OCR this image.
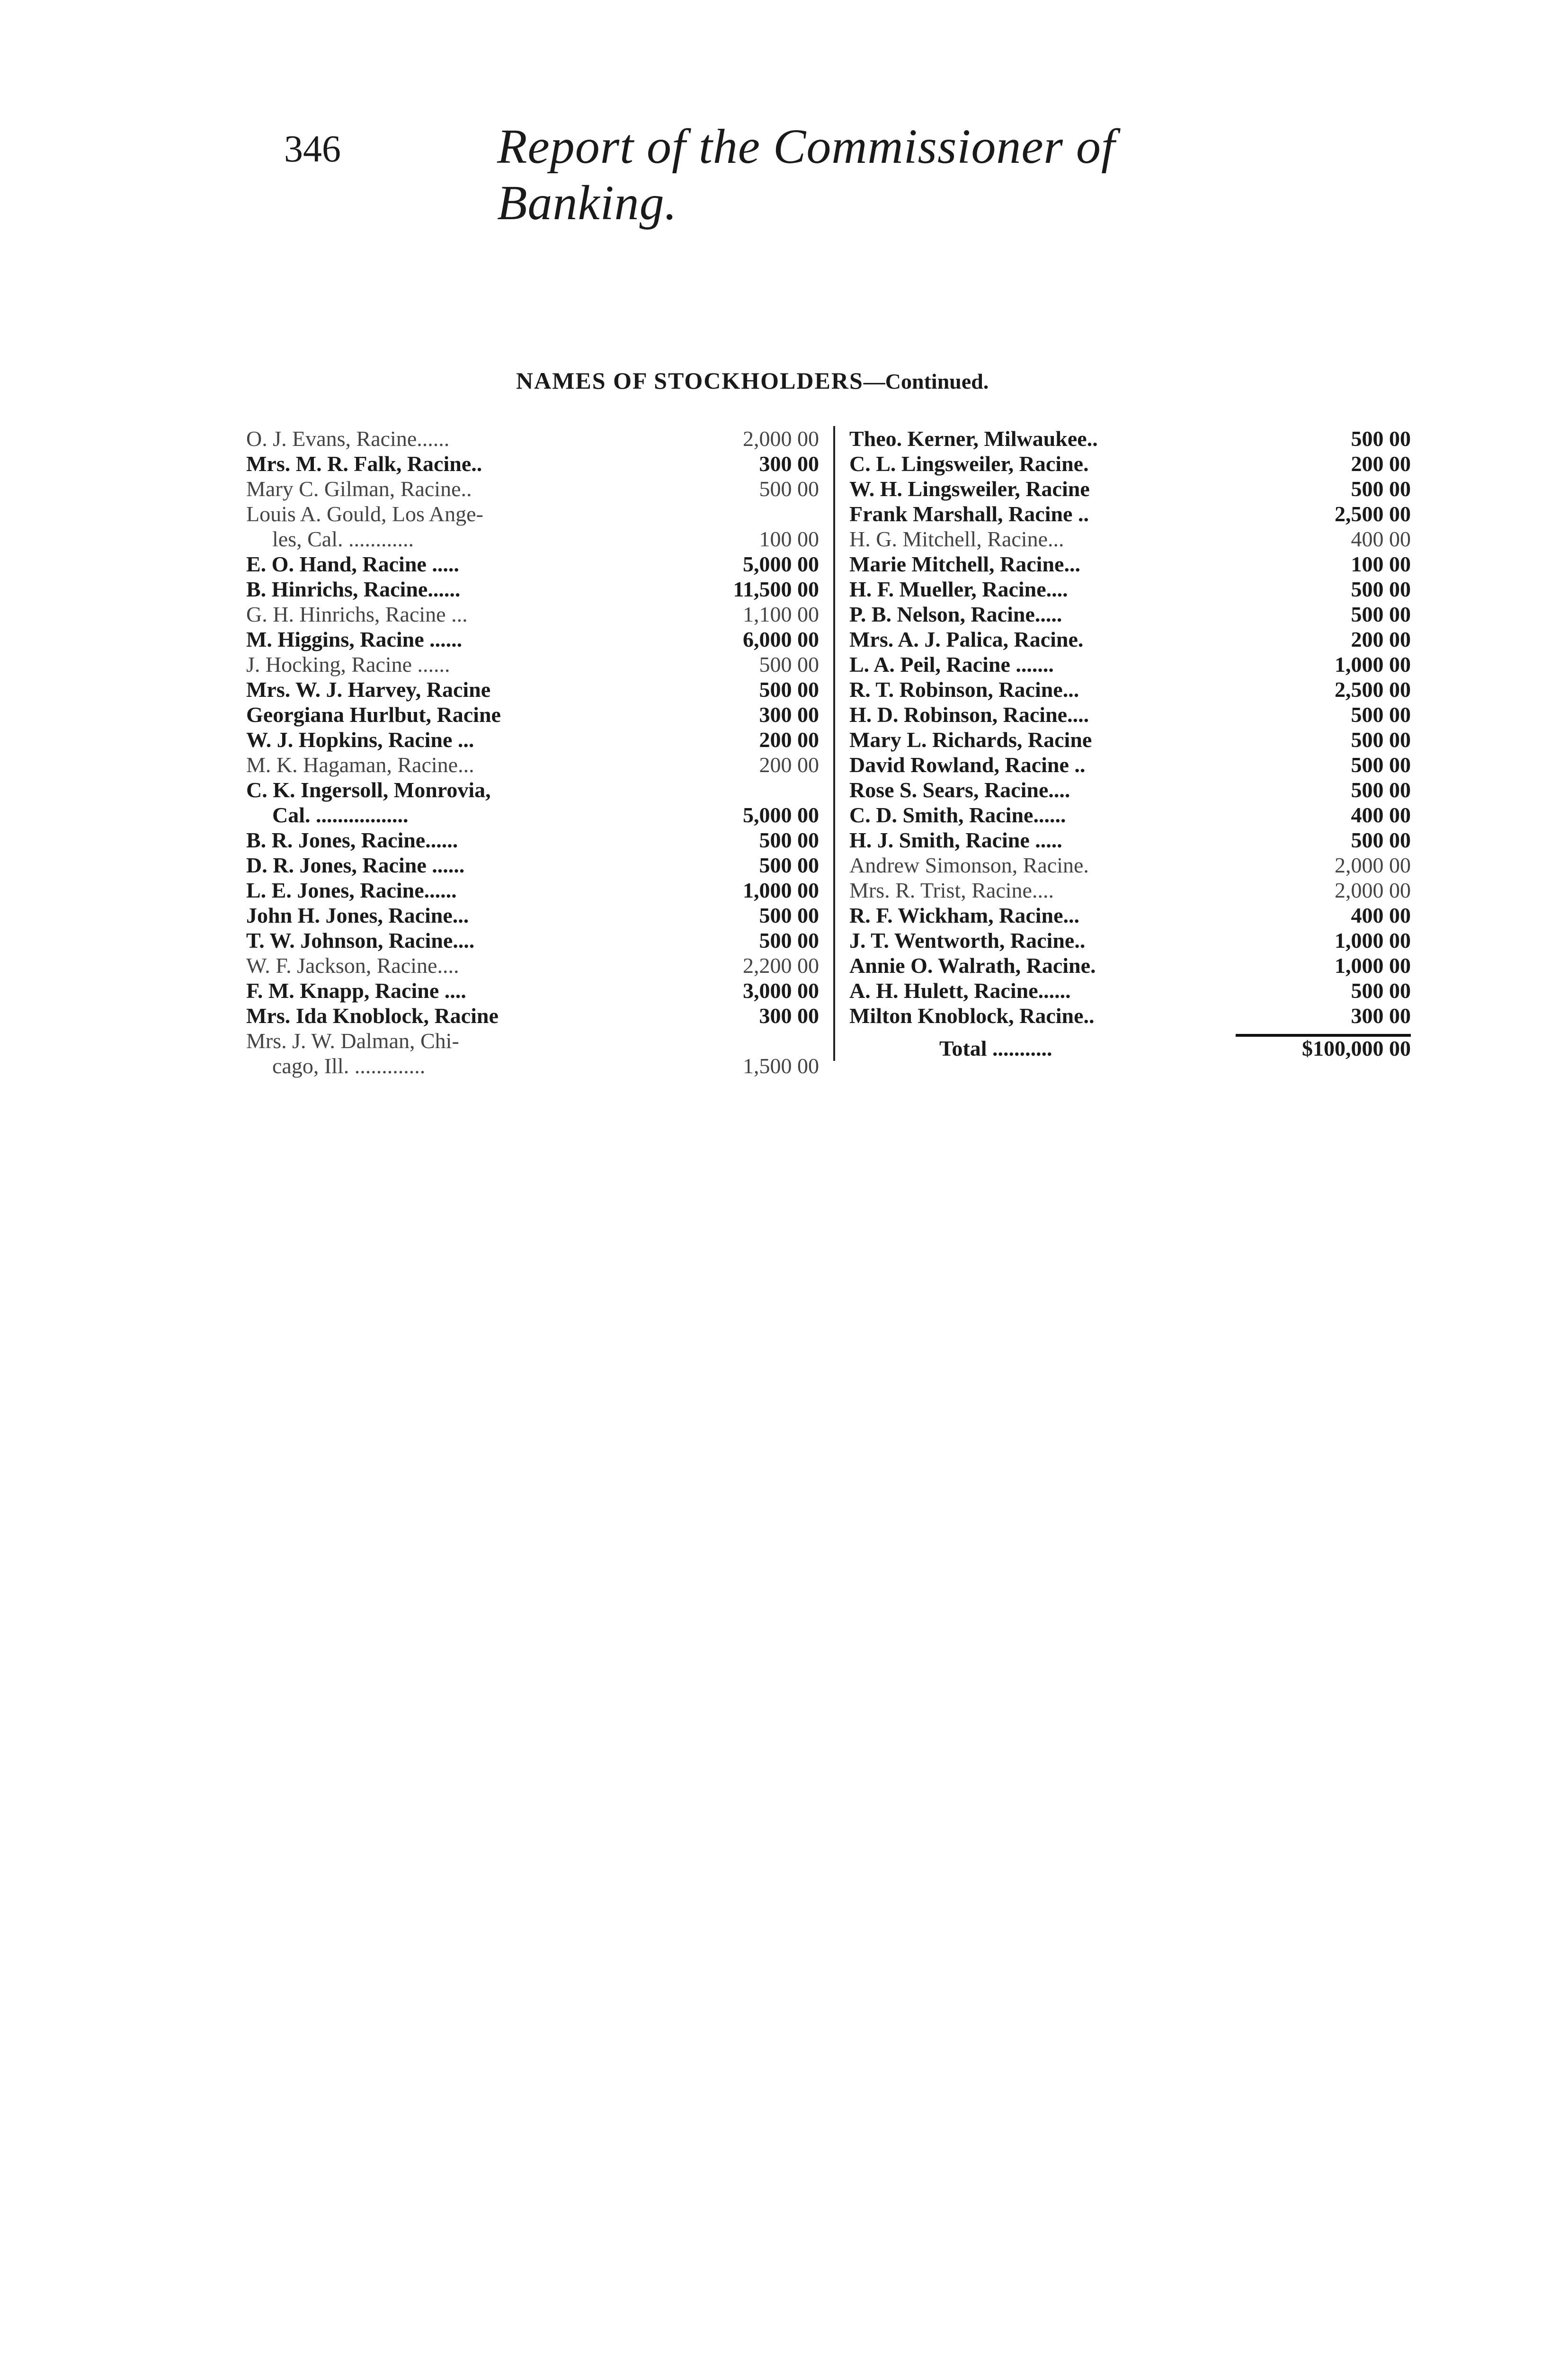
346	Report of the Commissioner of Banking.
NAMES OF STOCKHOLDERS—Continued.
O. J. Evans, Racine......	2,000 00
Mrs. M. R. Falk, Racine..	300 00
Mary C. Gilman, Racine..	500 00
Louis A. Gould, Los Ange-
les, Cal. ............	100 00
E. O. Hand, Racine .....	5,000 00
B. Hinrichs, Racine......	11,500 00
G. H. Hinrichs, Racine ...	1,100 00
M. Higgins, Racine ......	6,000 00
J. Hocking, Racine ......	500 00
Mrs. W. J. Harvey, Racine	500 00
Georgiana Hurlbut, Racine	300 00
W. J. Hopkins, Racine ...	200 00
M. K. Hagaman, Racine...	200 00
C. K. Ingersoll, Monrovia,
Cal. .................	5,000 00
B. R. Jones, Racine......	500 00
D. R. Jones, Racine ......	500 00
L. E. Jones, Racine......	1,000 00
John H. Jones, Racine...	500 00
T. W. Johnson, Racine....	500 00
W. F. Jackson, Racine....	2,200 00
F. M. Knapp, Racine ....	3,000 00
Mrs. Ida Knoblock, Racine	300 00
Mrs. J. W. Dalman, Chi-
cago, Ill. .............	1,500 00
Theo. Kerner, Milwaukee..	500 00
C. L. Lingsweiler, Racine.	200 00
W. H. Lingsweiler, Racine	500 00
Frank Marshall, Racine ..	2,500 00
H. G. Mitchell, Racine...	400 00
Marie Mitchell, Racine...	100 00
H. F. Mueller, Racine....	500 00
P. B. Nelson, Racine.....	500 00
Mrs. A. J. Palica, Racine.	200 00
L. A. Peil, Racine .......	1,000 00
R. T. Robinson, Racine...	2,500 00
H. D. Robinson, Racine....	500 00
Mary L. Richards, Racine	500 00
David Rowland, Racine ..	500 00
Rose S. Sears, Racine....	500 00
C. D. Smith, Racine......	400 00
H. J. Smith, Racine .....	500 00
Andrew Simonson, Racine.	2,000 00
Mrs. R. Trist, Racine....	2,000 00
R. F. Wickham, Racine...	400 00
J. T. Wentworth, Racine..	1,000 00
Annie O. Walrath, Racine.	1,000 00
A. H. Hulett, Racine......	500 00
Milton Knoblock, Racine..	300 00
Total ...........	$100,000 00
